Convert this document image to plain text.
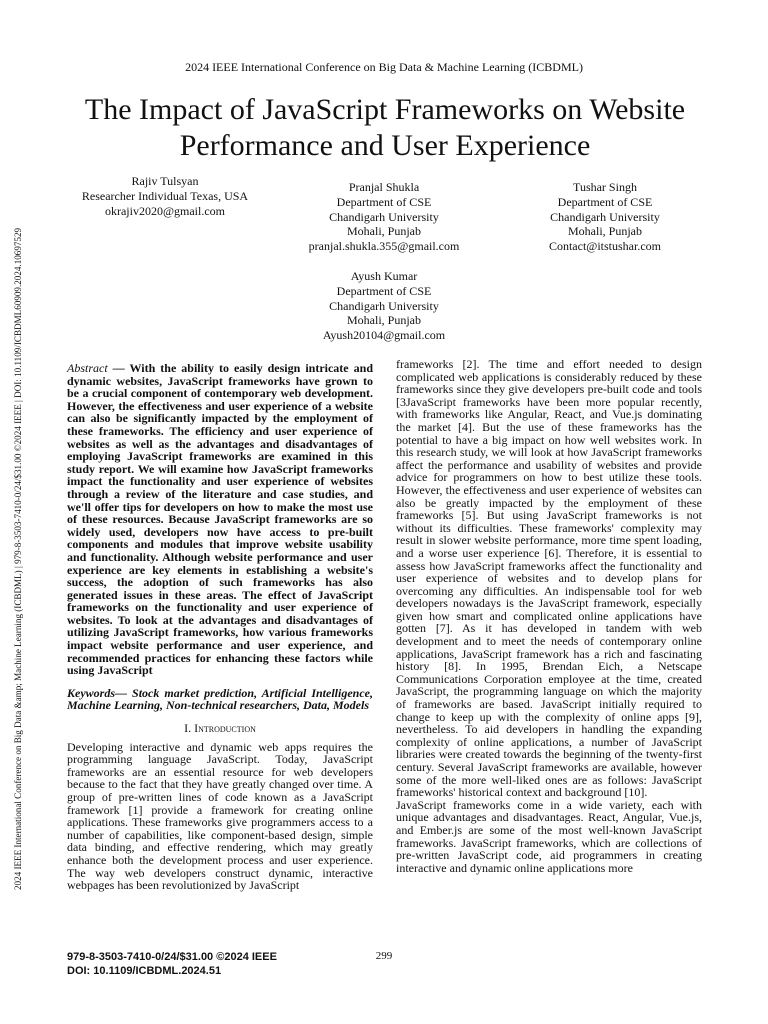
2024 IEEE International Conference on Big Data &amp; Machine Learning (ICBDML) | 979-8-3503-7410-0/24/$31.00 ©2024 IEEE | DOI: 10.1109/ICBDML60909.2024.10697529
2024 IEEE International Conference on Big Data & Machine Learning (ICBDML)
The Impact of JavaScript Frameworks on Website
Performance and User Experience
Rajiv Tulsyan
Researcher Individual Texas, USA
okrajiv2020@gmail.com
Pranjal Shukla
Department of CSE
Chandigarh University
Mohali, Punjab
pranjal.shukla.355@gmail.com
Tushar Singh
Department of CSE
Chandigarh University
Mohali, Punjab
Contact@itstushar.com
Ayush Kumar
Department of CSE
Chandigarh University
Mohali, Punjab
Ayush20104@gmail.com

Abstract — With the ability to easily design intricate and dynamic websites, JavaScript frameworks have grown to be a crucial component of contemporary web development. However, the effectiveness and user experience of a website can also be significantly impacted by the employment of these frameworks. The efficiency and user experience of websites as well as the advantages and disadvantages of employing JavaScript frameworks are examined in this study report. We will examine how JavaScript frameworks impact the functionality and user experience of websites through a review of the literature and case studies, and we'll offer tips for developers on how to make the most use of these resources. Because JavaScript frameworks are so widely used, developers now have access to pre-built components and modules that improve website usability and functionality. Although website performance and user experience are key elements in establishing a website's success, the adoption of such frameworks has also generated issues in these areas. The effect of JavaScript frameworks on the functionality and user experience of websites. To look at the advantages and disadvantages of utilizing JavaScript frameworks, how various frameworks impact website performance and user experience, and recommended practices for enhancing these factors while using JavaScript

Keywords— Stock market prediction, Artificial Intelligence, Machine Learning, Non-technical researchers, Data, Models

I. Introduction

Developing interactive and dynamic web apps requires the programming language JavaScript. Today, JavaScript frameworks are an essential resource for web developers because to the fact that they have greatly changed over time. A group of pre-written lines of code known as a JavaScript framework [1] provide a framework for creating online applications. These frameworks give programmers access to a number of capabilities, like component-based design, simple data binding, and effective rendering, which may greatly enhance both the development process and user experience. The way web developers construct dynamic, interactive webpages has been revolutionized by JavaScript

frameworks [2]. The time and effort needed to design complicated web applications is considerably reduced by these frameworks since they give developers pre-built code and tools [3JavaScript frameworks have been more popular recently, with frameworks like Angular, React, and Vue.js dominating the market [4]. But the use of these frameworks has the potential to have a big impact on how well websites work. In this research study, we will look at how JavaScript frameworks affect the performance and usability of websites and provide advice for programmers on how to best utilize these tools. However, the effectiveness and user experience of websites can also be greatly impacted by the employment of these frameworks [5]. But using JavaScript frameworks is not without its difficulties. These frameworks' complexity may result in slower website performance, more time spent loading, and a worse user experience [6]. Therefore, it is essential to assess how JavaScript frameworks affect the functionality and user experience of websites and to develop plans for overcoming any difficulties. An indispensable tool for web developers nowadays is the JavaScript framework, especially given how smart and complicated online applications have gotten [7]. As it has developed in tandem with web development and to meet the needs of contemporary online applications, JavaScript framework has a rich and fascinating history [8]. In 1995, Brendan Eich, a Netscape Communications Corporation employee at the time, created JavaScript, the programming language on which the majority of frameworks are based. JavaScript initially required to change to keep up with the complexity of online apps [9], nevertheless. To aid developers in handling the expanding complexity of online applications, a number of JavaScript libraries were created towards the beginning of the twenty-first century. Several JavaScript frameworks are available, however some of the more well-liked ones are as follows: JavaScript frameworks' historical context and background [10].

JavaScript frameworks come in a wide variety, each with unique advantages and disadvantages. React, Angular, Vue.js, and Ember.js are some of the most well-known JavaScript frameworks. JavaScript frameworks, which are collections of pre-written JavaScript code, aid programmers in creating interactive and dynamic online applications more

979-8-3503-7410-0/24/$31.00 ©2024 IEEE
DOI: 10.1109/ICBDML.2024.51
299
